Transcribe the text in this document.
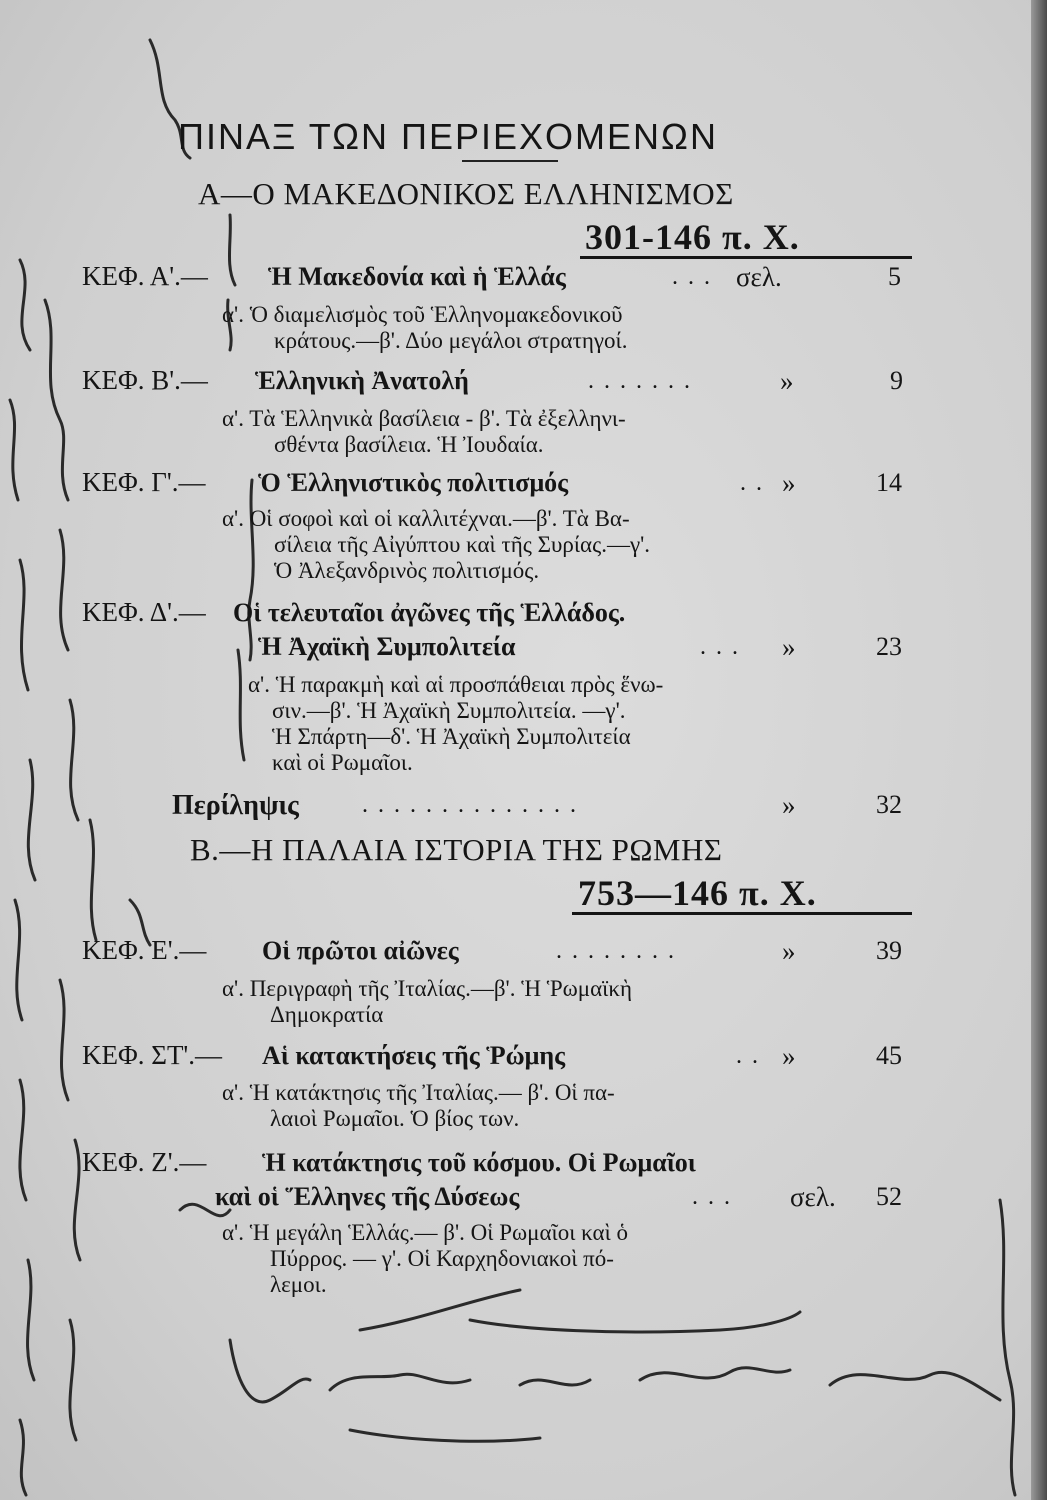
ΠΙΝΑΞ ΤΩΝ ΠΕΡΙΕΧΟΜΕΝΩΝ
Α—Ο ΜΑΚΕΔΟΝΙΚΟΣ ΕΛΛΗΝΙΣΜΟΣ
301-146 π. Χ.
ΚΕΦ. Α'.— Ἡ Μακεδονία καὶ ἡ Ἑλλάς	. . . σελ.	5
α'. Ὁ διαμελισμὸς τοῦ Ἑλληνομακεδονικοῦ
κράτους.—β'. Δύο μεγάλοι στρατηγοί.
ΚΕΦ. Β'.— Ἑλληνικὴ Ἀνατολή	. . . . . . .	»	9
α'. Τὰ Ἑλληνικὰ βασίλεια - β'. Τὰ ἐξελληνι-
σθέντα βασίλεια. Ἡ Ἰουδαία.
ΚΕΦ. Γ'.— Ὁ Ἑλληνιστικὸς πολιτισμός	. . »	14
α'. Οἱ σοφοὶ καὶ οἱ καλλιτέχναι.—β'. Τὰ Βα-
σίλεια τῆς Αἰγύπτου καὶ τῆς Συρίας.—γ'.
Ὁ Ἀλεξανδρινὸς πολιτισμός.
ΚΕΦ. Δ'.— Οἱ τελευταῖοι ἀγῶνες τῆς Ἑλλάδος.
Ἡ Ἀχαϊκὴ Συμπολιτεία	. . . »	23
α'. Ἡ παρακμὴ καὶ αἱ προσπάθειαι πρὸς ἕνω-
σιν.—β'. Ἡ Ἀχαϊκὴ Συμπολιτεία. —γ'.
Ἡ Σπάρτη—δ'. Ἡ Ἀχαϊκὴ Συμπολιτεία
καὶ οἱ Ρωμαῖοι.
Περίληψις	. . . . . . . . . . . . . .	»	32
Β.—Η ΠΑΛΑΙΑ ΙΣΤΟΡΙΑ ΤΗΣ ΡΩΜΗΣ
753—146 π. Χ.
ΚΕΦ. Ε'.— Οἱ πρῶτοι αἰῶνες	. . . . . . . .	»	39
α'. Περιγραφὴ τῆς Ἰταλίας.—β'. Ἡ Ῥωμαϊκὴ
Δημοκρατία
ΚΕΦ. ΣΤ'.— Αἱ κατακτήσεις τῆς Ῥώμης	. . »	45
α'. Ἡ κατάκτησις τῆς Ἰταλίας.— β'. Οἱ πα-
λαιοὶ Ρωμαῖοι. Ὁ βίος των.
ΚΕΦ. Ζ'.— Ἡ κατάκτησις τοῦ κόσμου. Οἱ Ρωμαῖοι
καὶ οἱ Ἕλληνες τῆς Δύσεως	. . . σελ. 52
α'. Ἡ μεγάλη Ἑλλάς.— β'. Οἱ Ρωμαῖοι καὶ ὁ
Πύρρος. — γ'. Οἱ Καρχηδονιακοὶ πό-
λεμοι.
